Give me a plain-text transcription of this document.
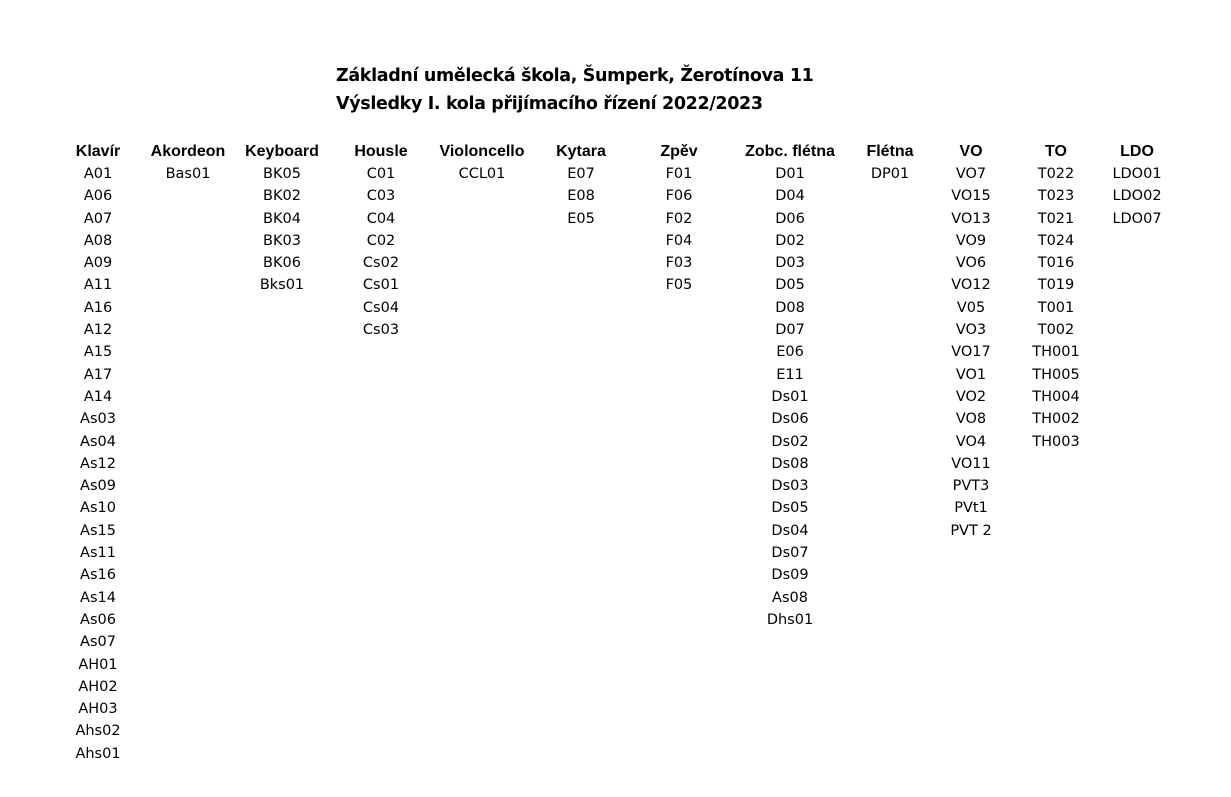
Základní umělecká škola, Šumperk, Žerotínova 11
Výsledky I. kola přijímacího řízení 2022/2023
Klavír
A01
A06
A07
A08
A09
A11
A16
A12
A15
A17
A14
As03
As04
As12
As09
As10
As15
As11
As16
As14
As06
As07
AH01
AH02
AH03
Ahs02
Ahs01
Akordeon
Bas01
Keyboard
BK05
BK02
BK04
BK03
BK06
Bks01
Housle
C01
C03
C04
C02
Cs02
Cs01
Cs04
Cs03
Violoncello
CCL01
Kytara
E07
E08
E05
Zpěv
F01
F06
F02
F04
F03
F05
Zobc. flétna
D01
D04
D06
D02
D03
D05
D08
D07
E06
E11
Ds01
Ds06
Ds02
Ds08
Ds03
Ds05
Ds04
Ds07
Ds09
As08
Dhs01
Flétna
DP01
VO
VO7
VO15
VO13
VO9
VO6
VO12
V05
VO3
VO17
VO1
VO2
VO8
VO4
VO11
PVT3
PVt1
PVT 2
TO
T022
T023
T021
T024
T016
T019
T001
T002
TH001
TH005
TH004
TH002
TH003
LDO
LDO01
LDO02
LDO07
